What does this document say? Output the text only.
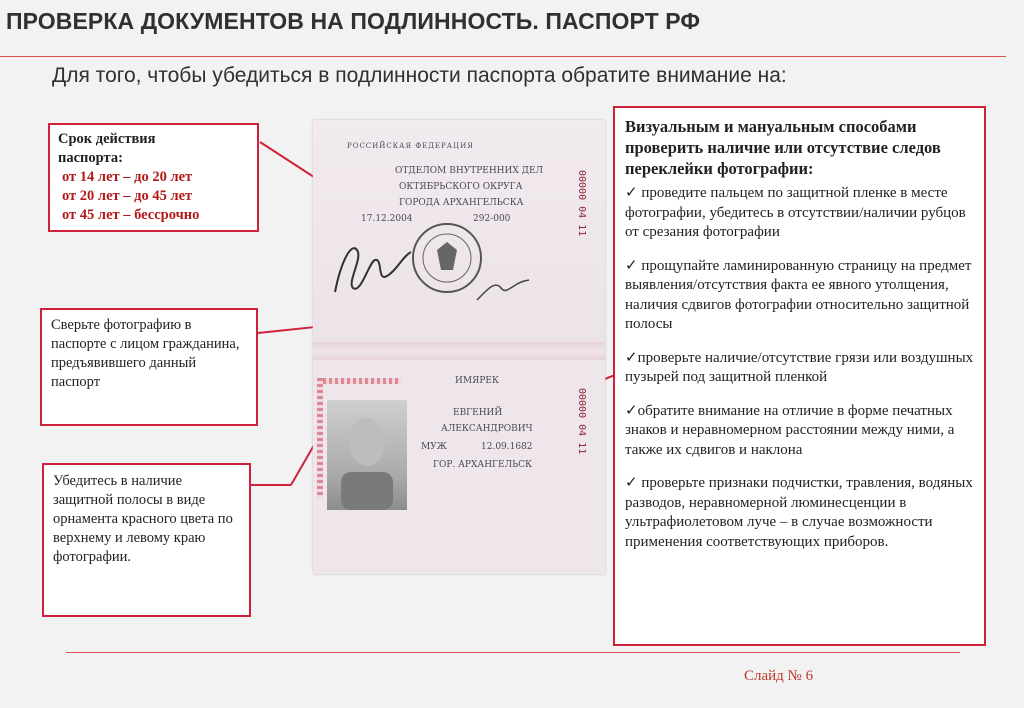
ПРОВЕРКА ДОКУМЕНТОВ НА ПОДЛИННОСТЬ. ПАСПОРТ РФ
Для того, чтобы убедиться в подлинности паспорта обратите внимание на:
РОССИЙСКАЯ ФЕДЕРАЦИЯ
ОТДЕЛОМ ВНУТРЕННИХ ДЕЛ
ОКТЯБРЬСКОГО ОКРУГА
ГОРОДА АРХАНГЕЛЬСКА
17.12.2004	292-000	00000 04 11
ИМЯРЕК
ЕВГЕНИЙ
АЛЕКСАНДРОВИЧ
МУЖ	12.09.1682
ГОР. АРХАНГЕЛЬСК
00000 04 11
Срок действия
паспорта:
от 14 лет – до 20 лет
от 20 лет – до 45 лет
от 45 лет – бессрочно
Сверьте фотографию в паспорте с лицом гражданина, предъявившего данный паспорт
Убедитесь в наличие защитной полосы в виде орнамента красного цвета по верхнему и левому краю фотографии.
Визуальным и мануальным способами проверить наличие или отсутствие следов переклейки фотографии:
✓ проведите пальцем по защитной пленке в месте фотографии, убедитесь в отсутствии/наличии рубцов от срезания фотографии
✓ прощупайте ламинированную страницу на предмет выявления/отсутствия факта ее явного утолщения, наличия сдвигов фотографии относительно защитной полосы
✓проверьте наличие/отсутствие грязи или воздушных пузырей под защитной пленкой
✓обратите внимание на отличие в форме печатных знаков и неравномерном расстоянии между ними, а также их сдвигов и наклона
✓ проверьте признаки подчистки, травления, водяных разводов, неравномерной люминесценции в ультрафиолетовом луче – в случае возможности применения соответствующих приборов.
Слайд № 6
